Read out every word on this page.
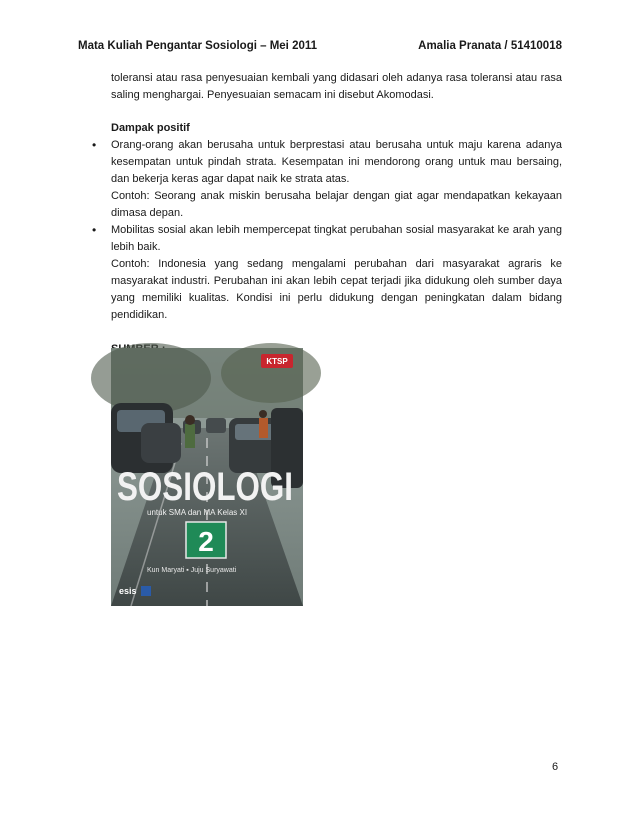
Mata Kuliah Pengantar Sosiologi – Mei 2011	Amalia Pranata / 51410018

toleransi atau rasa penyesuaian kembali yang didasari oleh adanya rasa toleransi atau rasa saling menghargai. Penyesuaian semacam ini disebut Akomodasi.

Dampak positif

• Orang-orang akan berusaha untuk berprestasi atau berusaha untuk maju karena adanya kesempatan untuk pindah strata. Kesempatan ini mendorong orang untuk mau bersaing, dan bekerja keras agar dapat naik ke strata atas.

Contoh: Seorang anak miskin berusaha belajar dengan giat agar mendapatkan kekayaan dimasa depan.

• Mobilitas sosial akan lebih mempercepat tingkat perubahan sosial masyarakat ke arah yang lebih baik.

Contoh: Indonesia yang sedang mengalami perubahan dari masyarakat agraris ke masyarakat industri. Perubahan ini akan lebih cepat terjadi jika didukung oleh sumber daya yang memiliki kualitas. Kondisi ini perlu didukung dengan peningkatan dalam bidang pendidikan.

KTSP
SOSIOLOGI
untuk SMA dan MA Kelas XI
2
Kun Maryati ▪ Juju Suryawati
esis
6
